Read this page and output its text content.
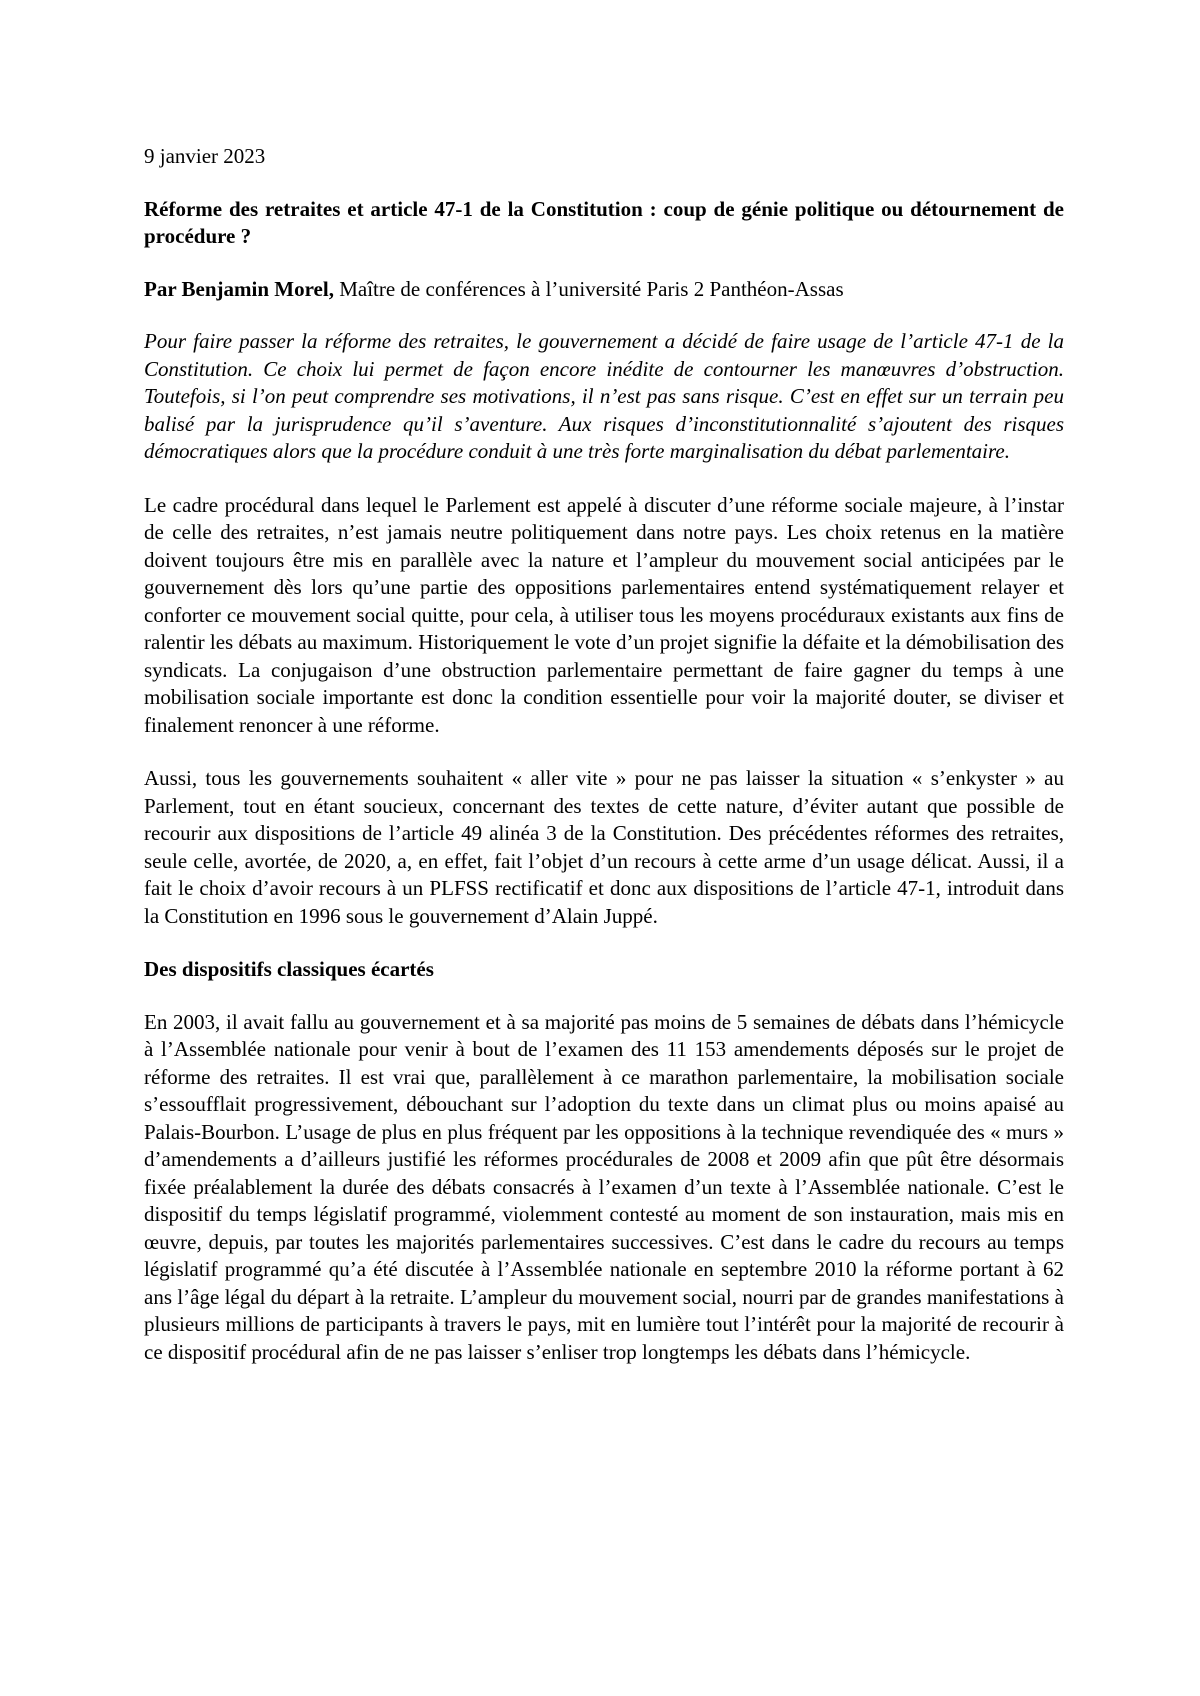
9 janvier 2023

Réforme des retraites et article 47-1 de la Constitution : coup de génie politique ou détournement de procédure ?

Par Benjamin Morel, Maître de conférences à l’université Paris 2 Panthéon-Assas

Pour faire passer la réforme des retraites, le gouvernement a décidé de faire usage de l’article 47-1 de la Constitution. Ce choix lui permet de façon encore inédite de contourner les manœuvres d’obstruction. Toutefois, si l’on peut comprendre ses motivations, il n’est pas sans risque. C’est en effet sur un terrain peu balisé par la jurisprudence qu’il s’aventure. Aux risques d’inconstitutionnalité s’ajoutent des risques démocratiques alors que la procédure conduit à une très forte marginalisation du débat parlementaire.

Le cadre procédural dans lequel le Parlement est appelé à discuter d’une réforme sociale majeure, à l’instar de celle des retraites, n’est jamais neutre politiquement dans notre pays. Les choix retenus en la matière doivent toujours être mis en parallèle avec la nature et l’ampleur du mouvement social anticipées par le gouvernement dès lors qu’une partie des oppositions parlementaires entend systématiquement relayer et conforter ce mouvement social quitte, pour cela, à utiliser tous les moyens procéduraux existants aux fins de ralentir les débats au maximum. Historiquement le vote d’un projet signifie la défaite et la démobilisation des syndicats. La conjugaison d’une obstruction parlementaire permettant de faire gagner du temps à une mobilisation sociale importante est donc la condition essentielle pour voir la majorité douter, se diviser et finalement renoncer à une réforme.

Aussi, tous les gouvernements souhaitent « aller vite » pour ne pas laisser la situation « s’enkyster » au Parlement, tout en étant soucieux, concernant des textes de cette nature, d’éviter autant que possible de recourir aux dispositions de l’article 49 alinéa 3 de la Constitution. Des précédentes réformes des retraites, seule celle, avortée, de 2020, a, en effet, fait l’objet d’un recours à cette arme d’un usage délicat. Aussi, il a fait le choix d’avoir recours à un PLFSS rectificatif et donc aux dispositions de l’article 47-1, introduit dans la Constitution en 1996 sous le gouvernement d’Alain Juppé.

Des dispositifs classiques écartés

En 2003, il avait fallu au gouvernement et à sa majorité pas moins de 5 semaines de débats dans l’hémicycle à l’Assemblée nationale pour venir à bout de l’examen des 11 153 amendements déposés sur le projet de réforme des retraites. Il est vrai que, parallèlement à ce marathon parlementaire, la mobilisation sociale s’essoufflait progressivement, débouchant sur l’adoption du texte dans un climat plus ou moins apaisé au Palais-Bourbon. L’usage de plus en plus fréquent par les oppositions à la technique revendiquée des « murs » d’amendements a d’ailleurs justifié les réformes procédurales de 2008 et 2009 afin que pût être désormais fixée préalablement la durée des débats consacrés à l’examen d’un texte à l’Assemblée nationale. C’est le dispositif du temps législatif programmé, violemment contesté au moment de son instauration, mais mis en œuvre, depuis, par toutes les majorités parlementaires successives. C’est dans le cadre du recours au temps législatif programmé qu’a été discutée à l’Assemblée nationale en septembre 2010 la réforme portant à 62 ans l’âge légal du départ à la retraite. L’ampleur du mouvement social, nourri par de grandes manifestations à plusieurs millions de participants à travers le pays, mit en lumière tout l’intérêt pour la majorité de recourir à ce dispositif procédural afin de ne pas laisser s’enliser trop longtemps les débats dans l’hémicycle.
